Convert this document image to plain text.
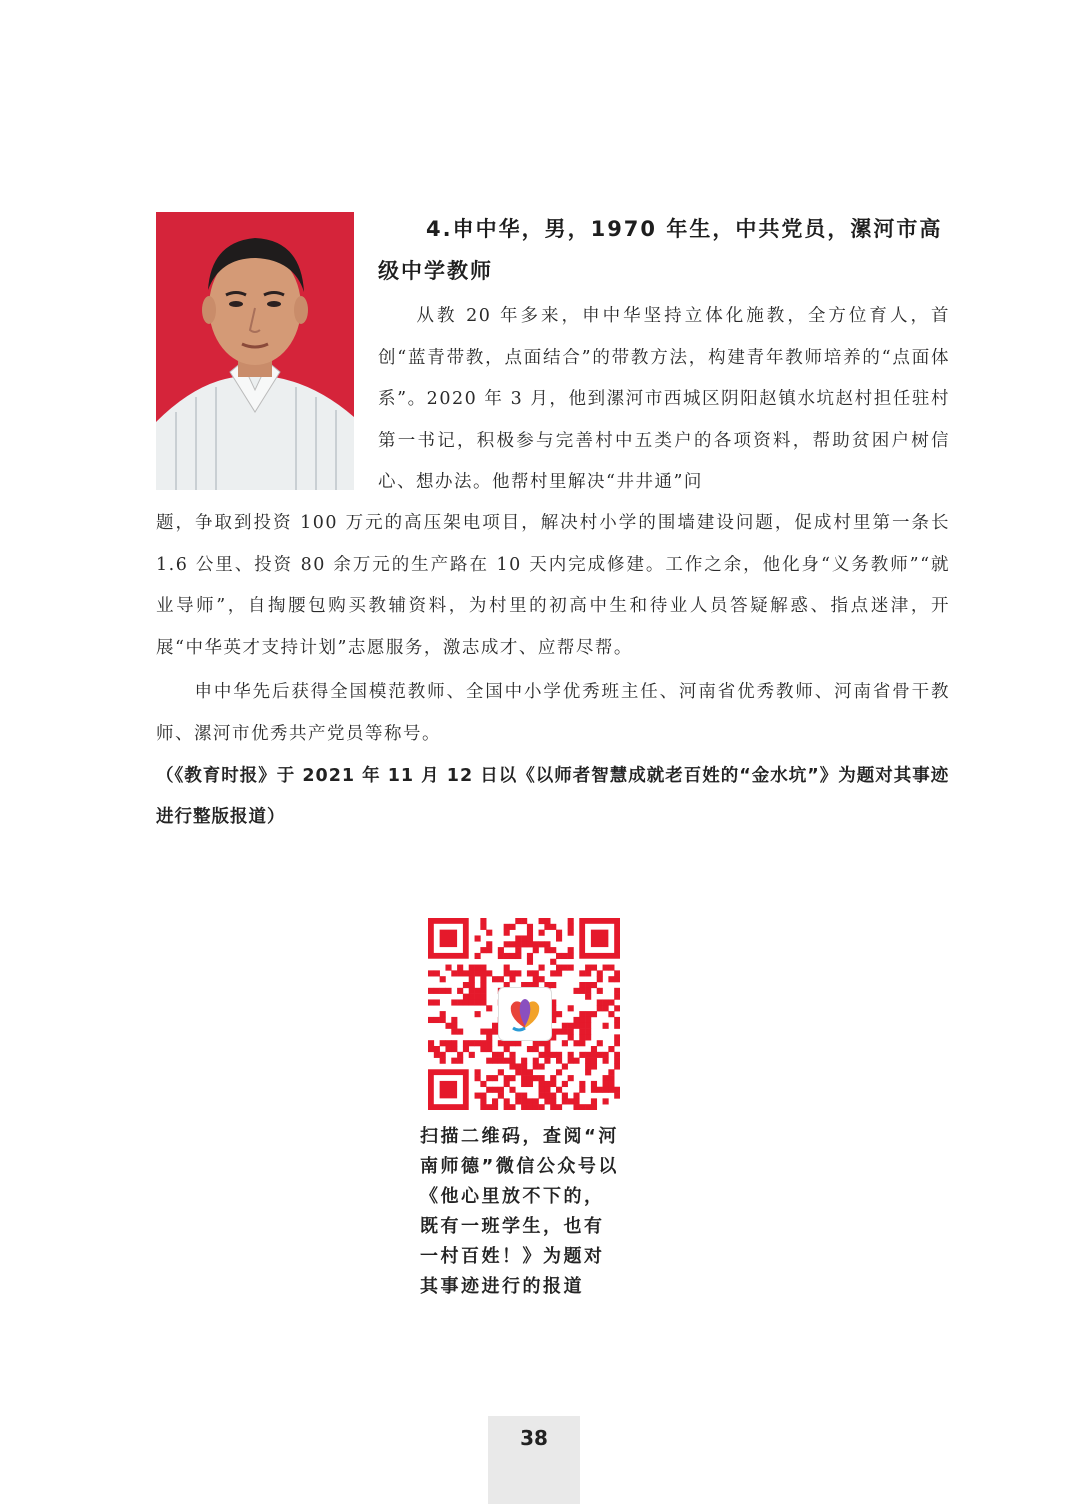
4.申中华，男，1970 年生，中共党员，漯河市高
级中学教师
从教 20 年多来，申中华坚持立体化施教，全方位育人，首创“蓝青带教，点面结合”的带教方法，构建青年教师培养的“点面体系”。2020 年 3 月，他到漯河市西城区阴阳赵镇水坑赵村担任驻村第一书记，积极参与完善村中五类户的各项资料，帮助贫困户树信心、想办法。他帮村里解决“井井通”问
题，争取到投资 100 万元的高压架电项目，解决村小学的围墙建设问题，促成村里第一条长 1.6 公里、投资 80 余万元的生产路在 10 天内完成修建。工作之余，他化身“义务教师”“就业导师”，自掏腰包购买教辅资料，为村里的初高中生和待业人员答疑解惑、指点迷津，开展“中华英才支持计划”志愿服务，激志成才、应帮尽帮。
申中华先后获得全国模范教师、全国中小学优秀班主任、河南省优秀教师、河南省骨干教师、漯河市优秀共产党员等称号。
（《教育时报》于 2021 年 11 月 12 日以《以师者智慧成就老百姓的“金水坑”》为题对其事迹进行整版报道）
扫描二维码，查阅“河南师德”微信公众号以《他心里放不下的，既有一班学生，也有一村百姓！》为题对其事迹进行的报道
38
